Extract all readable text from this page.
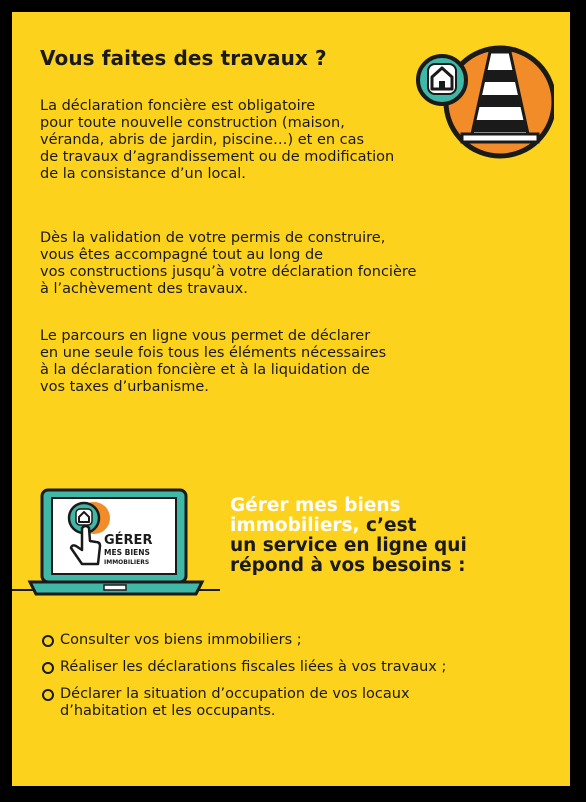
Vous faites des travaux ?

La déclaration foncière est obligatoire
pour toute nouvelle construction (maison,
véranda, abris de jardin, piscine…) et en cas
de travaux d’agrandissement ou de modification
de la consistance d’un local.

Dès la validation de votre permis de construire,
vous êtes accompagné tout au long de
vos constructions jusqu’à votre déclaration foncière
à l’achèvement des travaux.

Le parcours en ligne vous permet de déclarer
en une seule fois tous les éléments nécessaires
à la déclaration foncière et à la liquidation de
vos taxes d’urbanisme.

GÉRER
MES BIENS
IMMOBILIERS

Gérer mes biens
immobiliers, c’est
un service en ligne qui
répond à vos besoins :

Consulter vos biens immobiliers ;
Réaliser les déclarations fiscales liées à vos travaux ;
Déclarer la situation d’occupation de vos locaux
d’habitation et les occupants.
